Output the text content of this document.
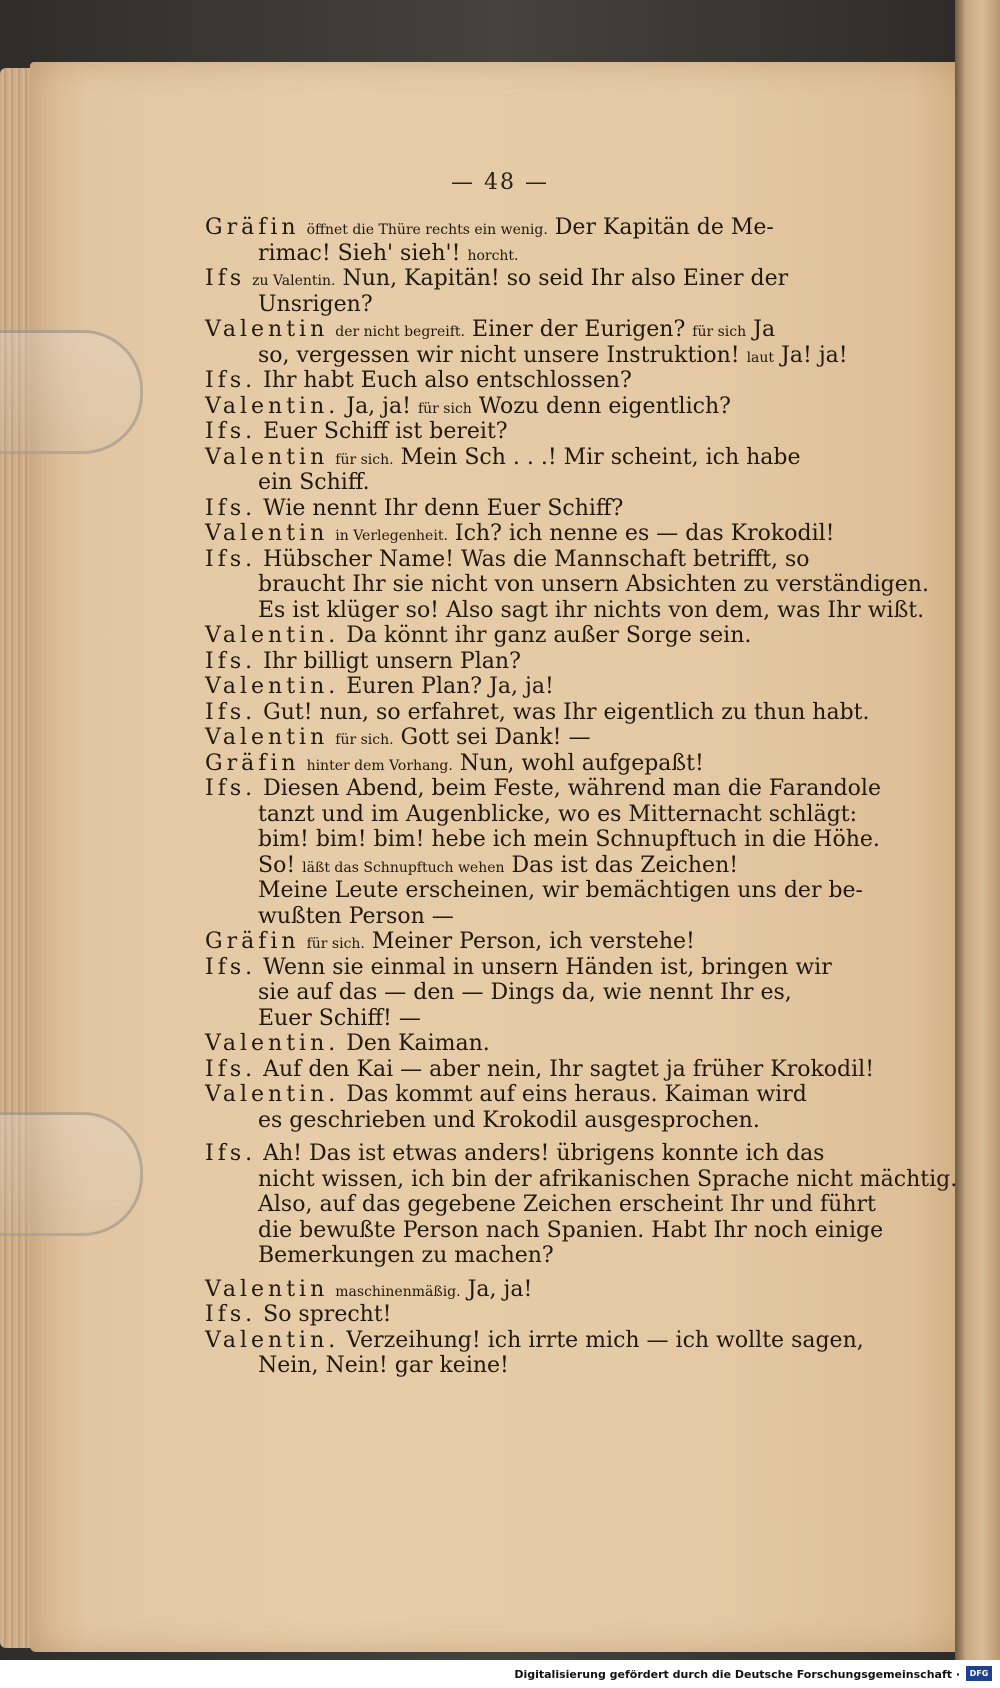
— 48 —
Gräfin öffnet die Thüre rechts ein wenig. Der Kapitän de Me-
rimac! Sieh' sieh'! horcht.
Ifs zu Valentin. Nun, Kapitän! so seid Ihr also Einer der
Unsrigen?
Valentin der nicht begreift. Einer der Eurigen? für sich Ja
so, vergessen wir nicht unsere Instruktion! laut Ja! ja!
Ifs. Ihr habt Euch also entschlossen?
Valentin. Ja, ja! für sich Wozu denn eigentlich?
Ifs. Euer Schiff ist bereit?
Valentin für sich. Mein Sch . . .! Mir scheint, ich habe
ein Schiff.
Ifs. Wie nennt Ihr denn Euer Schiff?
Valentin in Verlegenheit. Ich? ich nenne es — das Krokodil!
Ifs. Hübscher Name! Was die Mannschaft betrifft, so
braucht Ihr sie nicht von unsern Absichten zu verständigen.
Es ist klüger so! Also sagt ihr nichts von dem, was Ihr wißt.
Valentin. Da könnt ihr ganz außer Sorge sein.
Ifs. Ihr billigt unsern Plan?
Valentin. Euren Plan? Ja, ja!
Ifs. Gut! nun, so erfahret, was Ihr eigentlich zu thun habt.
Valentin für sich. Gott sei Dank! —
Gräfin hinter dem Vorhang. Nun, wohl aufgepaßt!
Ifs. Diesen Abend, beim Feste, während man die Farandole
tanzt und im Augenblicke, wo es Mitternacht schlägt:
bim! bim! bim! hebe ich mein Schnupftuch in die Höhe.
So! läßt das Schnupftuch wehen Das ist das Zeichen!
Meine Leute erscheinen, wir bemächtigen uns der be-
wußten Person —
Gräfin für sich. Meiner Person, ich verstehe!
Ifs. Wenn sie einmal in unsern Händen ist, bringen wir
sie auf das — den — Dings da, wie nennt Ihr es,
Euer Schiff! —
Valentin. Den Kaiman.
Ifs. Auf den Kai — aber nein, Ihr sagtet ja früher Krokodil!
Valentin. Das kommt auf eins heraus. Kaiman wird
es geschrieben und Krokodil ausgesprochen.
Ifs. Ah! Das ist etwas anders! übrigens konnte ich das
nicht wissen, ich bin der afrikanischen Sprache nicht mächtig.
Also, auf das gegebene Zeichen erscheint Ihr und führt
die bewußte Person nach Spanien. Habt Ihr noch einige
Bemerkungen zu machen?
Valentin maschinenmäßig. Ja, ja!
Ifs. So sprecht!
Valentin. Verzeihung! ich irrte mich — ich wollte sagen,
Nein, Nein! gar keine!
Digitalisierung gefördert durch die Deutsche Forschungsgemeinschaft ·	DFG
